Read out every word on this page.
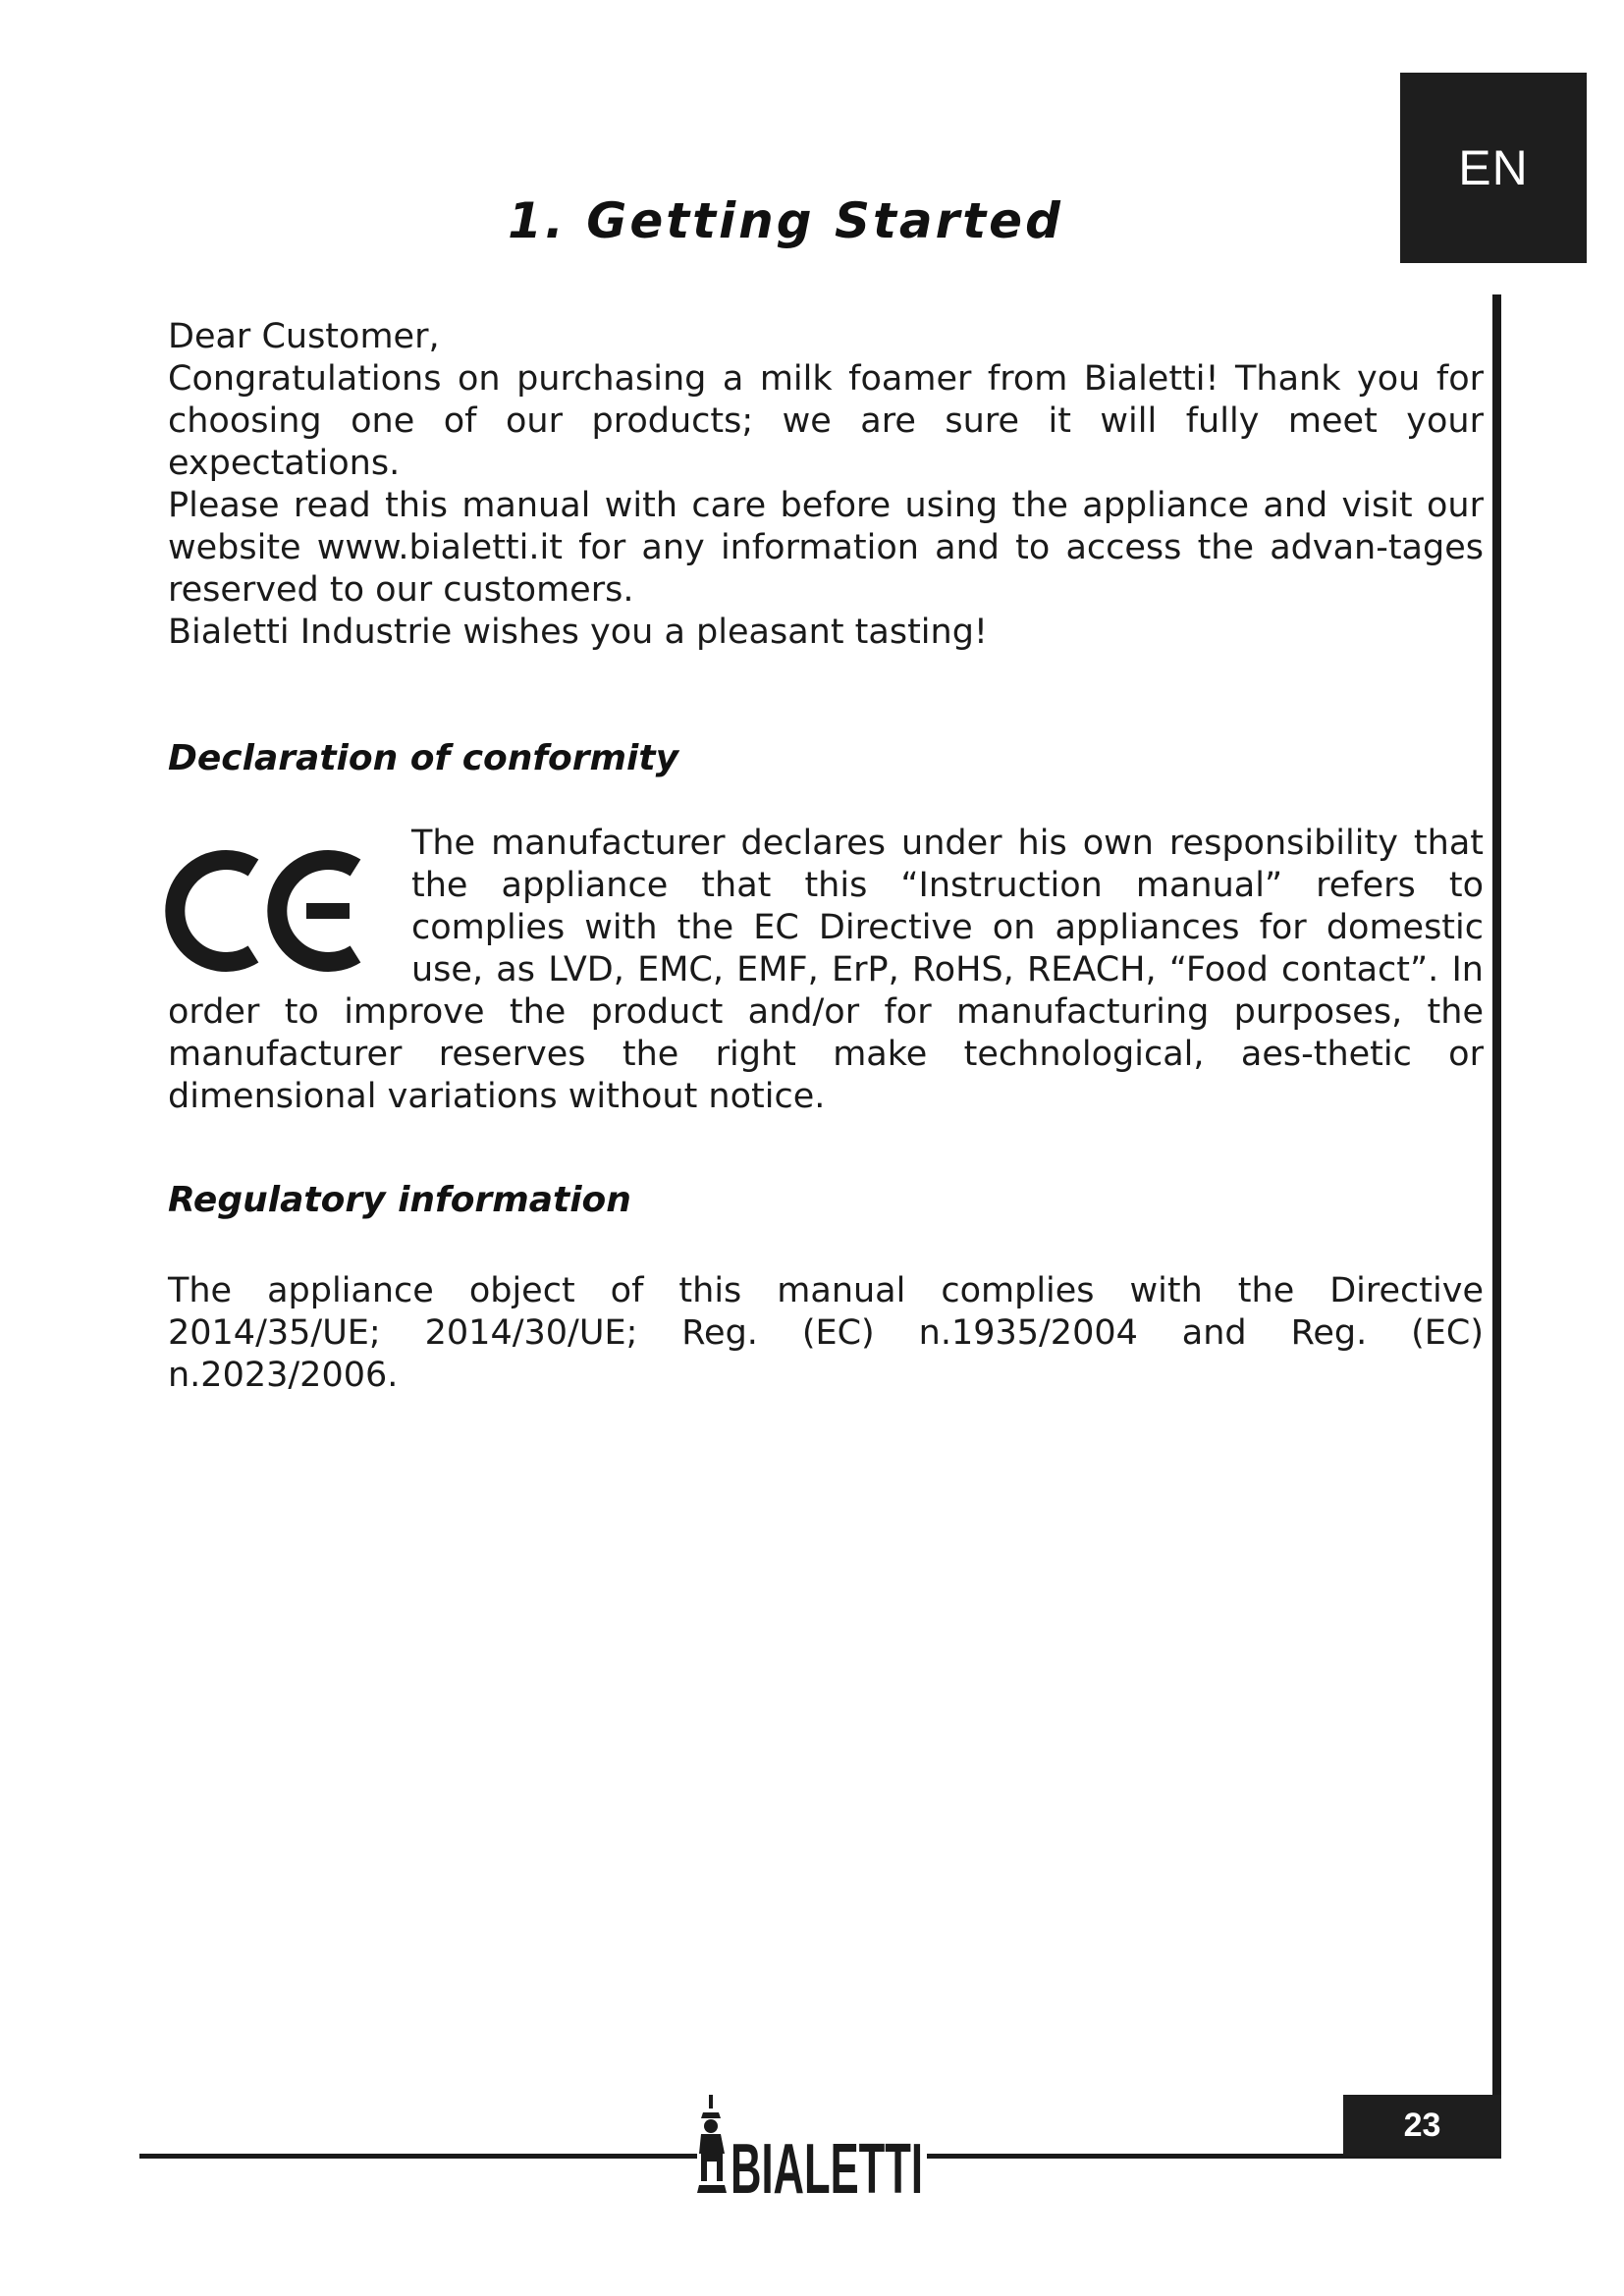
EN
1. Getting Started

Dear Customer,

Congratulations on purchasing a milk foamer from Bialetti! Thank you for choosing one of our products; we are sure it will fully meet your expectations.

Please read this manual with care before using the appliance and visit our website www.bialetti.it for any information and to access the advan-tages reserved to our customers.

Bialetti Industrie wishes you a pleasant tasting!

Declaration of conformity

The manufacturer declares under his own responsibility that the appliance that this “Instruction manual” refers to complies with the EC Directive on appliances for domestic use, as LVD, EMC, EMF, ErP, RoHS, REACH, “Food contact”. In order to improve the product and/or for manufacturing purposes, the manufacturer reserves the right make technological, aes-thetic or dimensional variations without notice.

Regulatory information

The appliance object of this manual complies with the Directive 2014/35/UE; 2014/30/UE; Reg. (EC) n.1935/2004 and Reg. (EC) n.2023/2006.

BIALETTI
23
